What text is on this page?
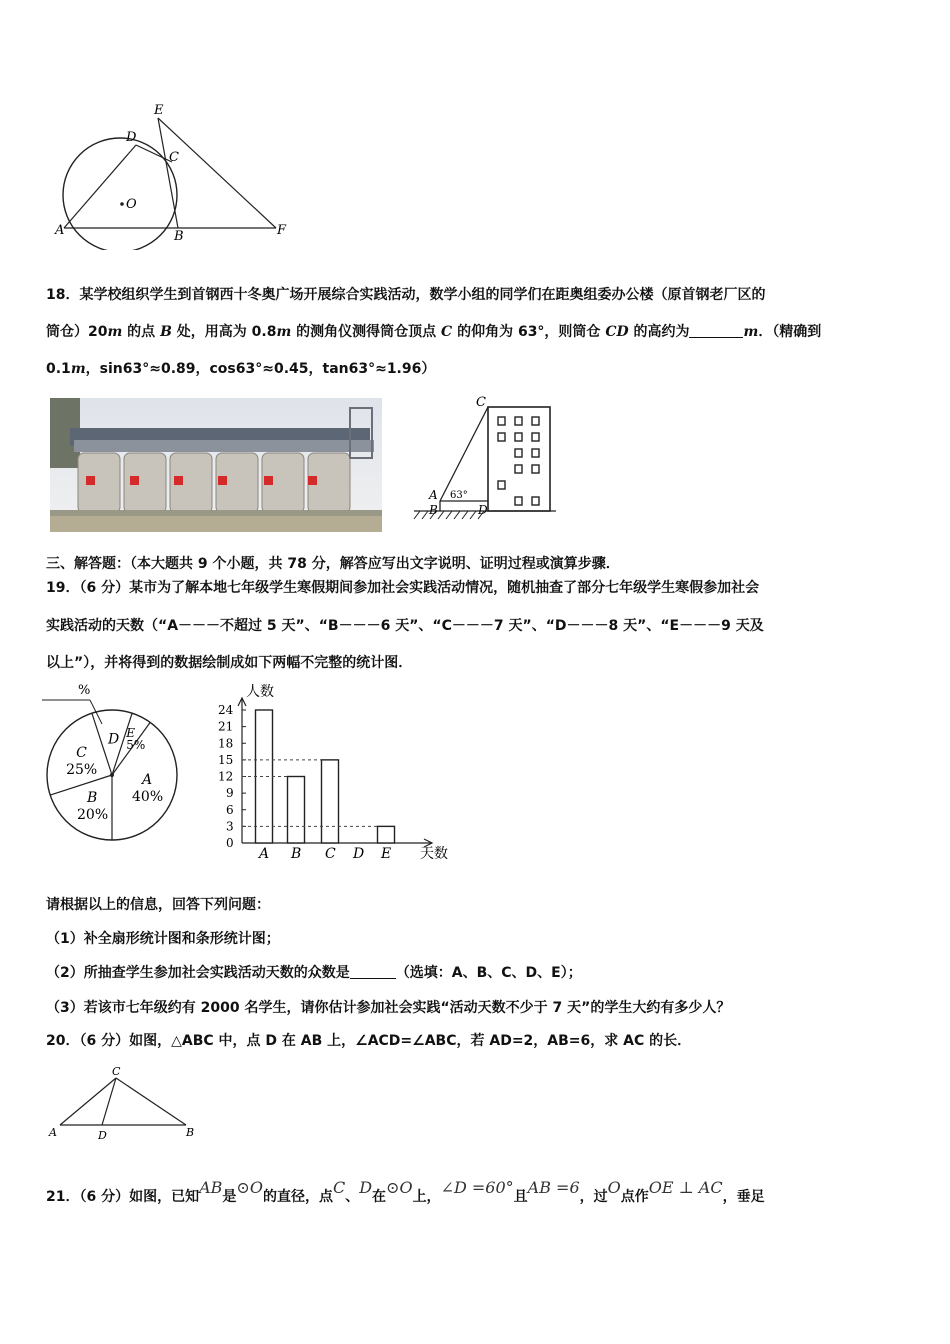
E
D
C
O
A	B	F
18．某学校组织学生到首钢西十冬奥广场开展综合实践活动，数学小组的同学们在距奥组委办公楼（原首钢老厂区的
筒仓）20m 的点 B 处，用高为 0.8m 的测角仪测得筒仓顶点 C 的仰角为 63°，则筒仓 CD 的高约为	m．（精确到
0.1m，sin63°≈0.89，cos63°≈0.45，tan63°≈1.96）
C
A
B	D
63°
三、解答题：（本大题共 9 个小题，共 78 分，解答应写出文字说明、证明过程或演算步骤．
19．（6 分）某市为了解本地七年级学生寒假期间参加社会实践活动情况，随机抽查了部分七年级学生寒假参加社会
实践活动的天数（“A－－－不超过 5 天”、“B－－－6 天”、“C－－－7 天”、“D－－－8 天”、“E－－－9 天及
以上”），并将得到的数据绘制成如下两幅不完整的统计图．
A
40%
B
20%
C
25%
D E
5%
%	人数
天数
0
3
6
9
12
15
18
21
24
A B C D E
请根据以上的信息，回答下列问题：
（1）补全扇形统计图和条形统计图；
（2）所抽查学生参加社会实践活动天数的众数是	（选填：A、B、C、D、E）；
（3）若该市七年级约有 2000 名学生，请你估计参加社会实践“活动天数不少于 7 天”的学生大约有多少人？
20．（6 分）如图，△ABC 中，点 D 在 AB 上，∠ACD=∠ABC，若 AD=2，AB=6，求 AC 的长．
C
A	D	B
21．（6 分）如图，已知AB是⊙O的直径，点C、D在⊙O上，∠D =60°且AB =6，过O点作OE ⊥ AC，垂足
